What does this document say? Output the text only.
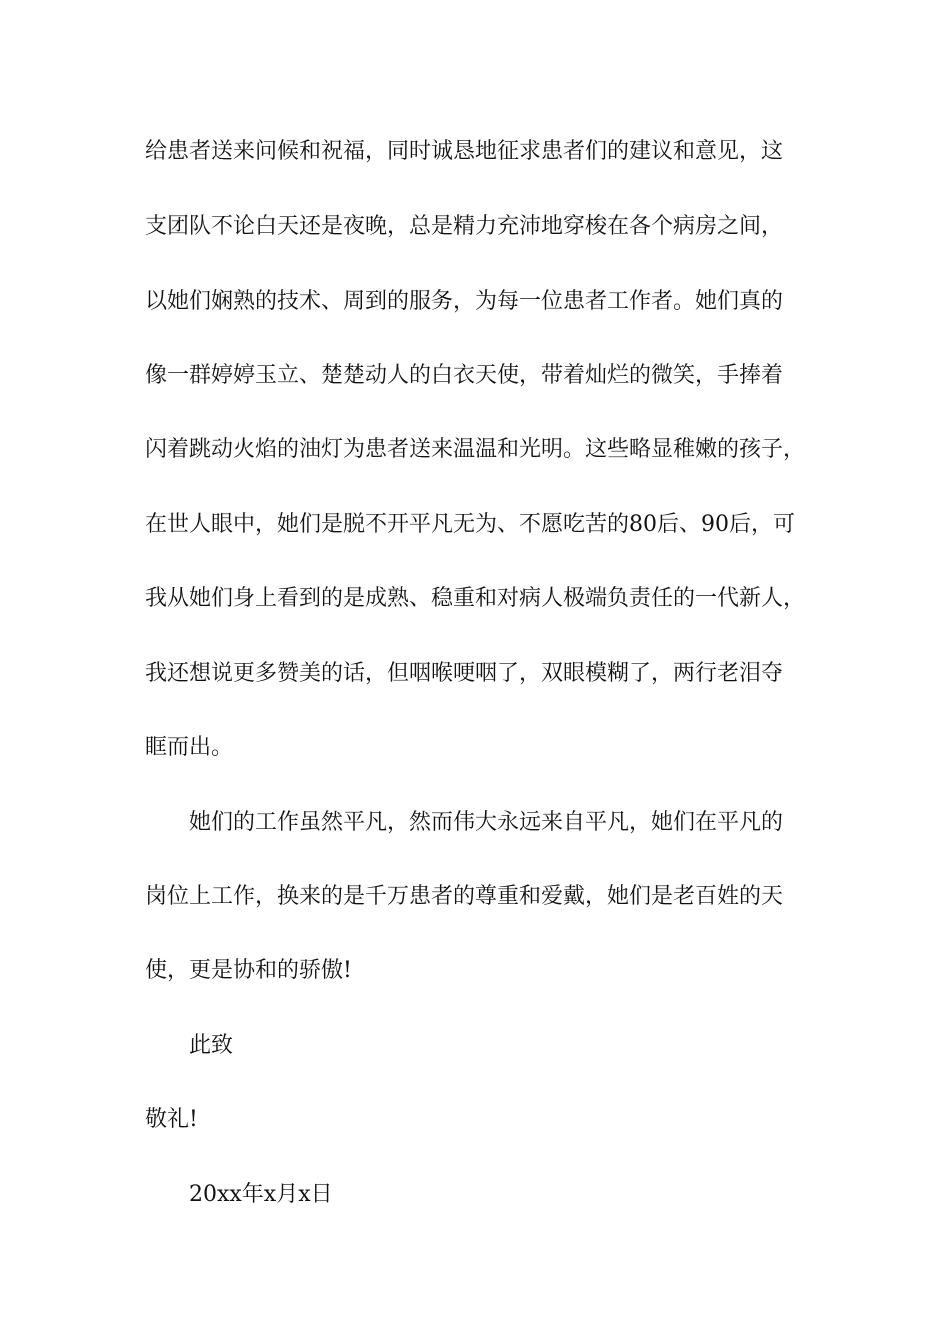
给患者送来问候和祝福，同时诚恳地征求患者们的建议和意见，这

支团队不论白天还是夜晚，总是精力充沛地穿梭在各个病房之间，

以她们娴熟的技术、周到的服务，为每一位患者工作者。她们真的

像一群婷婷玉立、楚楚动人的白衣天使，带着灿烂的微笑，手捧着

闪着跳动火焰的油灯为患者送来温温和光明。这些略显稚嫩的孩子，

在世人眼中，她们是脱不开平凡无为、不愿吃苦的80后、90后，可

我从她们身上看到的是成熟、稳重和对病人极端负责任的一代新人，

我还想说更多赞美的话，但咽喉哽咽了，双眼模糊了，两行老泪夺

眶而出。

她们的工作虽然平凡，然而伟大永远来自平凡，她们在平凡的

岗位上工作，换来的是千万患者的尊重和爱戴，她们是老百姓的天

使，更是协和的骄傲!

此致

敬礼!

20xx年x月x日
